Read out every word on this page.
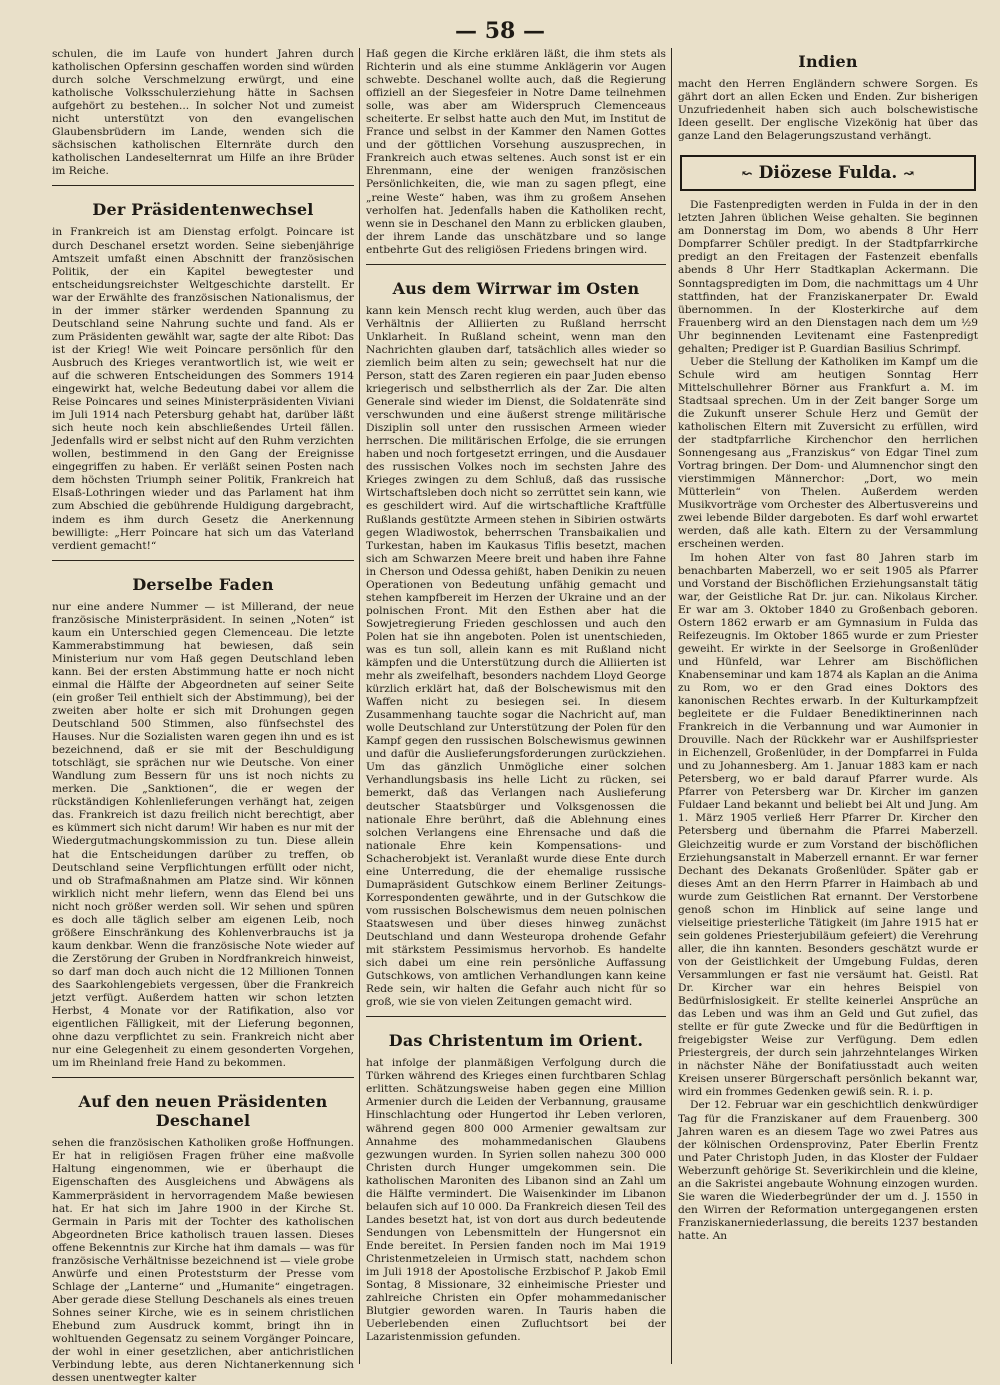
— 58 —

schulen, die im Laufe von hundert Jahren durch katholischen Opfersinn geschaffen worden sind würden durch solche Verschmelzung erwürgt, und eine katholische Volksschulerziehung hätte in Sachsen aufgehört zu bestehen... In solcher Not und zumeist nicht unterstützt von den evangelischen Glaubensbrüdern im Lande, wenden sich die sächsischen katholischen Elternräte durch den katholischen Landeselternrat um Hilfe an ihre Brüder im Reiche.

Der Präsidentenwechsel

in Frankreich ist am Dienstag erfolgt. Poincare ist durch Deschanel ersetzt worden. Seine siebenjährige Amtszeit umfaßt einen Abschnitt der französischen Politik, der ein Kapitel bewegtester und entscheidungsreichster Weltgeschichte darstellt. Er war der Erwählte des französischen Nationalismus, der in der immer stärker werdenden Spannung zu Deutschland seine Nahrung suchte und fand. Als er zum Präsidenten gewählt war, sagte der alte Ribot: Das ist der Krieg! Wie weit Poincare persönlich für den Ausbruch des Krieges verantwortlich ist, wie weit er auf die schweren Entscheidungen des Sommers 1914 eingewirkt hat, welche Bedeutung dabei vor allem die Reise Poincares und seines Ministerpräsidenten Viviani im Juli 1914 nach Petersburg gehabt hat, darüber läßt sich heute noch kein abschließendes Urteil fällen. Jedenfalls wird er selbst nicht auf den Ruhm verzichten wollen, bestimmend in den Gang der Ereignisse eingegriffen zu haben. Er verläßt seinen Posten nach dem höchsten Triumph seiner Politik, Frankreich hat Elsaß-Lothringen wieder und das Parlament hat ihm zum Abschied die gebührende Huldigung dargebracht, indem es ihm durch Gesetz die Anerkennung bewilligte: „Herr Poincare hat sich um das Vaterland verdient gemacht!“

Derselbe Faden

nur eine andere Nummer — ist Millerand, der neue französische Ministerpräsident. In seinen „Noten“ ist kaum ein Unterschied gegen Clemenceau. Die letzte Kammerabstimmung hat bewiesen, daß sein Ministerium nur vom Haß gegen Deutschland leben kann. Bei der ersten Abstimmung hatte er noch nicht einmal die Hälfte der Abgeordneten auf seiner Seite (ein großer Teil enthielt sich der Abstimmung), bei der zweiten aber holte er sich mit Drohungen gegen Deutschland 500 Stimmen, also fünfsechstel des Hauses. Nur die Sozialisten waren gegen ihn und es ist bezeichnend, daß er sie mit der Beschuldigung totschlägt, sie sprächen nur wie Deutsche. Von einer Wandlung zum Bessern für uns ist noch nichts zu merken. Die „Sanktionen“, die er wegen der rückständigen Kohlenlieferungen verhängt hat, zeigen das. Frankreich ist dazu freilich nicht berechtigt, aber es kümmert sich nicht darum! Wir haben es nur mit der Wiedergutmachungskommission zu tun. Diese allein hat die Entscheidungen darüber zu treffen, ob Deutschland seine Verpflichtungen erfüllt oder nicht, und ob Strafmaßnahmen am Platze sind. Wir können wirklich nicht mehr liefern, wenn das Elend bei uns nicht noch größer werden soll. Wir sehen und spüren es doch alle täglich selber am eigenen Leib, noch größere Einschränkung des Kohlenverbrauchs ist ja kaum denkbar. Wenn die französische Note wieder auf die Zerstörung der Gruben in Nordfrankreich hinweist, so darf man doch auch nicht die 12 Millionen Tonnen des Saarkohlengebiets vergessen, über die Frankreich jetzt verfügt. Außerdem hatten wir schon letzten Herbst, 4 Monate vor der Ratifikation, also vor eigentlichen Fälligkeit, mit der Lieferung begonnen, ohne dazu verpflichtet zu sein. Frankreich nicht aber nur eine Gelegenheit zu einem gesonderten Vorgehen, um im Rheinland freie Hand zu bekommen.

Auf den neuen Präsidenten Deschanel

sehen die französischen Katholiken große Hoffnungen. Er hat in religiösen Fragen früher eine maßvolle Haltung eingenommen, wie er überhaupt die Eigenschaften des Ausgleichens und Abwägens als Kammerpräsident in hervorragendem Maße bewiesen hat. Er hat sich im Jahre 1900 in der Kirche St. Germain in Paris mit der Tochter des katholischen Abgeordneten Brice katholisch trauen lassen. Dieses offene Bekenntnis zur Kirche hat ihm damals — was für französische Verhältnisse bezeichnend ist — viele grobe Anwürfe und einen Proteststurm der Presse vom Schlage der „Lanterne“ und „Humanite“ eingetragen. Aber gerade diese Stellung Deschanels als eines treuen Sohnes seiner Kirche, wie es in seinem christlichen Ehebund zum Ausdruck kommt, bringt ihn in wohltuenden Gegensatz zu seinem Vorgänger Poincare, der wohl in einer gesetzlichen, aber antichristlichen Verbindung lebte, aus deren Nichtanerkennung sich dessen unentwegter kalter

Haß gegen die Kirche erklären läßt, die ihm stets als Richterin und als eine stumme Anklägerin vor Augen schwebte. Deschanel wollte auch, daß die Regierung offiziell an der Siegesfeier in Notre Dame teilnehmen solle, was aber am Widerspruch Clemenceaus scheiterte. Er selbst hatte auch den Mut, im Institut de France und selbst in der Kammer den Namen Gottes und der göttlichen Vorsehung auszusprechen, in Frankreich auch etwas seltenes. Auch sonst ist er ein Ehrenmann, eine der wenigen französischen Persönlichkeiten, die, wie man zu sagen pflegt, eine „reine Weste“ haben, was ihm zu großem Ansehen verholfen hat. Jedenfalls haben die Katholiken recht, wenn sie in Deschanel den Mann zu erblicken glauben, der ihrem Lande das unschätzbare und so lange entbehrte Gut des religiösen Friedens bringen wird.

Aus dem Wirrwar im Osten

kann kein Mensch recht klug werden, auch über das Verhältnis der Alliierten zu Rußland herrscht Unklarheit. In Rußland scheint, wenn man den Nachrichten glauben darf, tatsächlich alles wieder so ziemlich beim alten zu sein; gewechselt hat nur die Person, statt des Zaren regieren ein paar Juden ebenso kriegerisch und selbstherrlich als der Zar. Die alten Generale sind wieder im Dienst, die Soldatenräte sind verschwunden und eine äußerst strenge militärische Disziplin soll unter den russischen Armeen wieder herrschen. Die militärischen Erfolge, die sie errungen haben und noch fortgesetzt erringen, und die Ausdauer des russischen Volkes noch im sechsten Jahre des Krieges zwingen zu dem Schluß, daß das russische Wirtschaftsleben doch nicht so zerrüttet sein kann, wie es geschildert wird. Auf die wirtschaftliche Kraftfülle Rußlands gestützte Armeen stehen in Sibirien ostwärts gegen Wladiwostok, beherrschen Transbaikalien und Turkestan, haben im Kaukasus Tiflis besetzt, machen sich am Schwarzen Meere breit und haben ihre Fahne in Cherson und Odessa gehißt, haben Denikin zu neuen Operationen von Bedeutung unfähig gemacht und stehen kampfbereit im Herzen der Ukraine und an der polnischen Front. Mit den Esthen aber hat die Sowjetregierung Frieden geschlossen und auch den Polen hat sie ihn angeboten. Polen ist unentschieden, was es tun soll, allein kann es mit Rußland nicht kämpfen und die Unterstützung durch die Alliierten ist mehr als zweifelhaft, besonders nachdem Lloyd George kürzlich erklärt hat, daß der Bolschewismus mit den Waffen nicht zu besiegen sei. In diesem Zusammenhang tauchte sogar die Nachricht auf, man wolle Deutschland zur Unterstützung der Polen für den Kampf gegen den russischen Bolschewismus gewinnen und dafür die Auslieferungsforderungen zurückziehen. Um das gänzlich Unmögliche einer solchen Verhandlungsbasis ins helle Licht zu rücken, sei bemerkt, daß das Verlangen nach Auslieferung deutscher Staatsbürger und Volksgenossen die nationale Ehre berührt, daß die Ablehnung eines solchen Verlangens eine Ehrensache und daß die nationale Ehre kein Kompensations- und Schacherobjekt ist. Veranlaßt wurde diese Ente durch eine Unterredung, die der ehemalige russische Dumapräsident Gutschkow einem Berliner Zeitungs-Korrespondenten gewährte, und in der Gutschkow die vom russischen Bolschewismus dem neuen polnischen Staatswesen und über dieses hinweg zunächst Deutschland und dann Westeuropa drohende Gefahr mit stärkstem Pessimismus hervorhob. Es handelte sich dabei um eine rein persönliche Auffassung Gutschkows, von amtlichen Verhandlungen kann keine Rede sein, wir halten die Gefahr auch nicht für so groß, wie sie von vielen Zeitungen gemacht wird.

Das Christentum im Orient.

hat infolge der planmäßigen Verfolgung durch die Türken während des Krieges einen furchtbaren Schlag erlitten. Schätzungsweise haben gegen eine Million Armenier durch die Leiden der Verbannung, grausame Hinschlachtung oder Hungertod ihr Leben verloren, während gegen 800 000 Armenier gewaltsam zur Annahme des mohammedanischen Glaubens gezwungen wurden. In Syrien sollen nahezu 300 000 Christen durch Hunger umgekommen sein. Die katholischen Maroniten des Libanon sind an Zahl um die Hälfte vermindert. Die Waisenkinder im Libanon belaufen sich auf 10 000. Da Frankreich diesen Teil des Landes besetzt hat, ist von dort aus durch bedeutende Sendungen von Lebensmitteln der Hungersnot ein Ende bereitet. In Persien fanden noch im Mai 1919 Christenmetzeleien in Urmisch statt, nachdem schon im Juli 1918 der Apostolische Erzbischof P. Jakob Emil Sontag, 8 Missionare, 32 einheimische Priester und zahlreiche Christen ein Opfer mohammedanischer Blutgier geworden waren. In Tauris haben die Ueberlebenden einen Zufluchtsort bei der Lazaristenmission gefunden.

Indien

macht den Herren Engländern schwere Sorgen. Es gährt dort an allen Ecken und Enden. Zur bisherigen Unzufriedenheit haben sich auch bolschewistische Ideen gesellt. Der englische Vizekönig hat über das ganze Land den Belagerungszustand verhängt.

↜ Diözese Fulda. ↝

Die Fastenpredigten werden in Fulda in der in den letzten Jahren üblichen Weise gehalten. Sie beginnen am Donnerstag im Dom, wo abends 8 Uhr Herr Dompfarrer Schüler predigt. In der Stadtpfarrkirche predigt an den Freitagen der Fastenzeit ebenfalls abends 8 Uhr Herr Stadtkaplan Ackermann. Die Sonntagspredigten im Dom, die nachmittags um 4 Uhr stattfinden, hat der Franziskanerpater Dr. Ewald übernommen. In der Klosterkirche auf dem Frauenberg wird an den Dienstagen nach dem um ½9 Uhr beginnenden Levitenamt eine Fastenpredigt gehalten; Prediger ist P. Guardian Basilius Schrimpf.

Ueber die Stellung der Katholiken im Kampf um die Schule wird am heutigen Sonntag Herr Mittelschullehrer Börner aus Frankfurt a. M. im Stadtsaal sprechen. Um in der Zeit banger Sorge um die Zukunft unserer Schule Herz und Gemüt der katholischen Eltern mit Zuversicht zu erfüllen, wird der stadtpfarrliche Kirchenchor den herrlichen Sonnengesang aus „Franziskus“ von Edgar Tinel zum Vortrag bringen. Der Dom- und Alumnenchor singt den vierstimmigen Männerchor: „Dort, wo mein Mütterlein“ von Thelen. Außerdem werden Musikvorträge vom Orchester des Albertusvereins und zwei lebende Bilder dargeboten. Es darf wohl erwartet werden, daß alle kath. Eltern zu der Versammlung erscheinen werden.

Im hohen Alter von fast 80 Jahren starb im benachbarten Maberzell, wo er seit 1905 als Pfarrer und Vorstand der Bischöflichen Erziehungsanstalt tätig war, der Geistliche Rat Dr. jur. can. Nikolaus Kircher. Er war am 3. Oktober 1840 zu Großenbach geboren. Ostern 1862 erwarb er am Gymnasium in Fulda das Reifezeugnis. Im Oktober 1865 wurde er zum Priester geweiht. Er wirkte in der Seelsorge in Großenlüder und Hünfeld, war Lehrer am Bischöflichen Knabenseminar und kam 1874 als Kaplan an die Anima zu Rom, wo er den Grad eines Doktors des kanonischen Rechtes erwarb. In der Kulturkampfzeit begleitete er die Fuldaer Benediktinerinnen nach Frankreich in die Verbannung und war Aumonier in Drouville. Nach der Rückkehr war er Aushilfspriester in Eichenzell, Großenlüder, in der Dompfarrei in Fulda und zu Johannesberg. Am 1. Januar 1883 kam er nach Petersberg, wo er bald darauf Pfarrer wurde. Als Pfarrer von Petersberg war Dr. Kircher im ganzen Fuldaer Land bekannt und beliebt bei Alt und Jung. Am 1. März 1905 verließ Herr Pfarrer Dr. Kircher den Petersberg und übernahm die Pfarrei Maberzell. Gleichzeitig wurde er zum Vorstand der bischöflichen Erziehungsanstalt in Maberzell ernannt. Er war ferner Dechant des Dekanats Großenlüder. Später gab er dieses Amt an den Herrn Pfarrer in Haimbach ab und wurde zum Geistlichen Rat ernannt. Der Verstorbene genoß schon im Hinblick auf seine lange und vielseitige priesterliche Tätigkeit (im Jahre 1915 hat er sein goldenes Priesterjubiläum gefeiert) die Verehrung aller, die ihn kannten. Besonders geschätzt wurde er von der Geistlichkeit der Umgebung Fuldas, deren Versammlungen er fast nie versäumt hat. Geistl. Rat Dr. Kircher war ein hehres Beispiel von Bedürfnislosigkeit. Er stellte keinerlei Ansprüche an das Leben und was ihm an Geld und Gut zufiel, das stellte er für gute Zwecke und für die Bedürftigen in freigebigster Weise zur Verfügung. Dem edlen Priestergreis, der durch sein jahrzehntelanges Wirken in nächster Nähe der Bonifatiusstadt auch weiten Kreisen unserer Bürgerschaft persönlich bekannt war, wird ein frommes Gedenken gewiß sein. R. i. p.

Der 12. Februar war ein geschichtlich denkwürdiger Tag für die Franziskaner auf dem Frauenberg. 300 Jahren waren es an diesem Tage wo zwei Patres aus der kölnischen Ordensprovinz, Pater Eberlin Frentz und Pater Christoph Juden, in das Kloster der Fuldaer Weberzunft gehörige St. Severikirchlein und die kleine, an die Sakristei angebaute Wohnung einzogen wurden. Sie waren die Wiederbegründer der um d. J. 1550 in den Wirren der Reformation untergegangenen ersten Franziskanerniederlassung, die bereits 1237 bestanden hatte. An
